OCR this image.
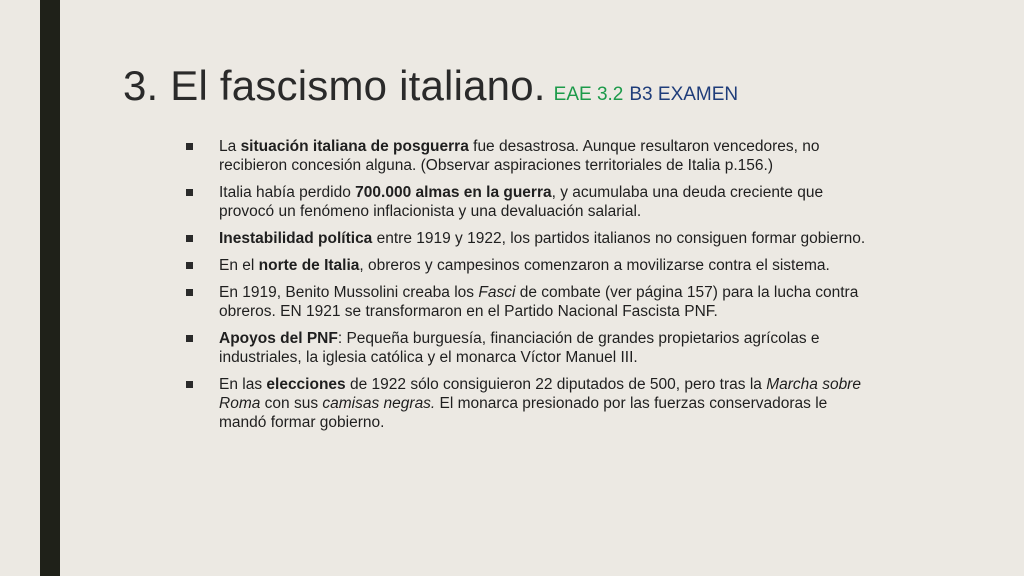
3. El fascismo italiano. EAE 3.2 B3 EXAMEN
La situación italiana de posguerra fue desastrosa. Aunque resultaron vencedores, no recibieron concesión alguna. (Observar aspiraciones territoriales de Italia p.156.)
Italia había perdido 700.000 almas en la guerra, y acumulaba una deuda creciente que provocó un fenómeno inflacionista y una devaluación salarial.
Inestabilidad política entre 1919 y 1922, los partidos italianos no consiguen formar gobierno.
En el norte de Italia, obreros y campesinos comenzaron a movilizarse contra el sistema.
En 1919, Benito Mussolini creaba los Fasci de combate (ver página 157) para la lucha contra obreros. EN 1921 se transformaron en el Partido Nacional Fascista PNF.
Apoyos del PNF: Pequeña burguesía, financiación de grandes propietarios agrícolas e industriales, la iglesia católica y el monarca Víctor Manuel III.
En las elecciones de 1922 sólo consiguieron 22 diputados de 500, pero tras la Marcha sobre Roma con sus camisas negras. El monarca presionado por las fuerzas conservadoras le mandó formar gobierno.
